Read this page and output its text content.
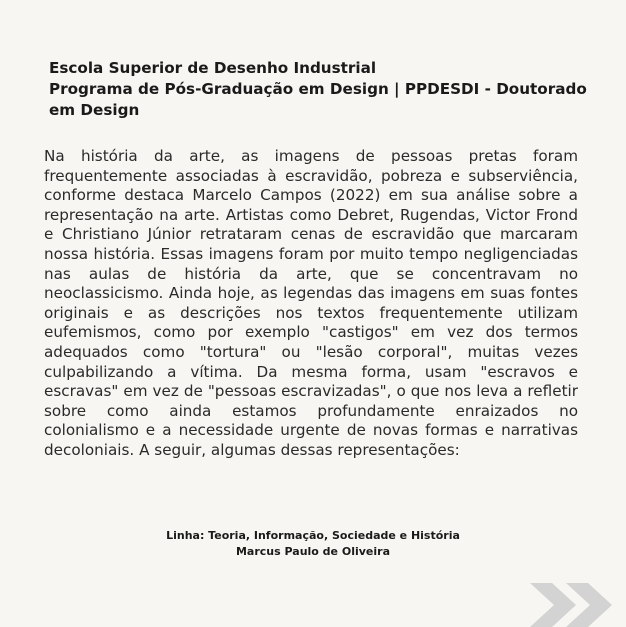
Escola Superior de Desenho Industrial
Programa de Pós-Graduação em Design | PPDESDI - Doutorado em Design

Na história da arte, as imagens de pessoas pretas foram frequentemente associadas à escravidão, pobreza e subserviência, conforme destaca Marcelo Campos (2022) em sua análise sobre a representação na arte. Artistas como Debret, Rugendas, Victor Frond e Christiano Júnior retrataram cenas de escravidão que marcaram nossa história. Essas imagens foram por muito tempo negligenciadas nas aulas de história da arte, que se concentravam no neoclassicismo. Ainda hoje, as legendas das imagens em suas fontes originais e as descrições nos textos frequentemente utilizam eufemismos, como por exemplo "castigos" em vez dos termos adequados como "tortura" ou "lesão corporal", muitas vezes culpabilizando a vítima. Da mesma forma, usam "escravos e escravas" em vez de "pessoas escravizadas", o que nos leva a refletir sobre como ainda estamos profundamente enraizados no colonialismo e a necessidade urgente de novas formas e narrativas decoloniais. A seguir, algumas dessas representações:

Linha: Teoria, Informação, Sociedade e História
Marcus Paulo de Oliveira
